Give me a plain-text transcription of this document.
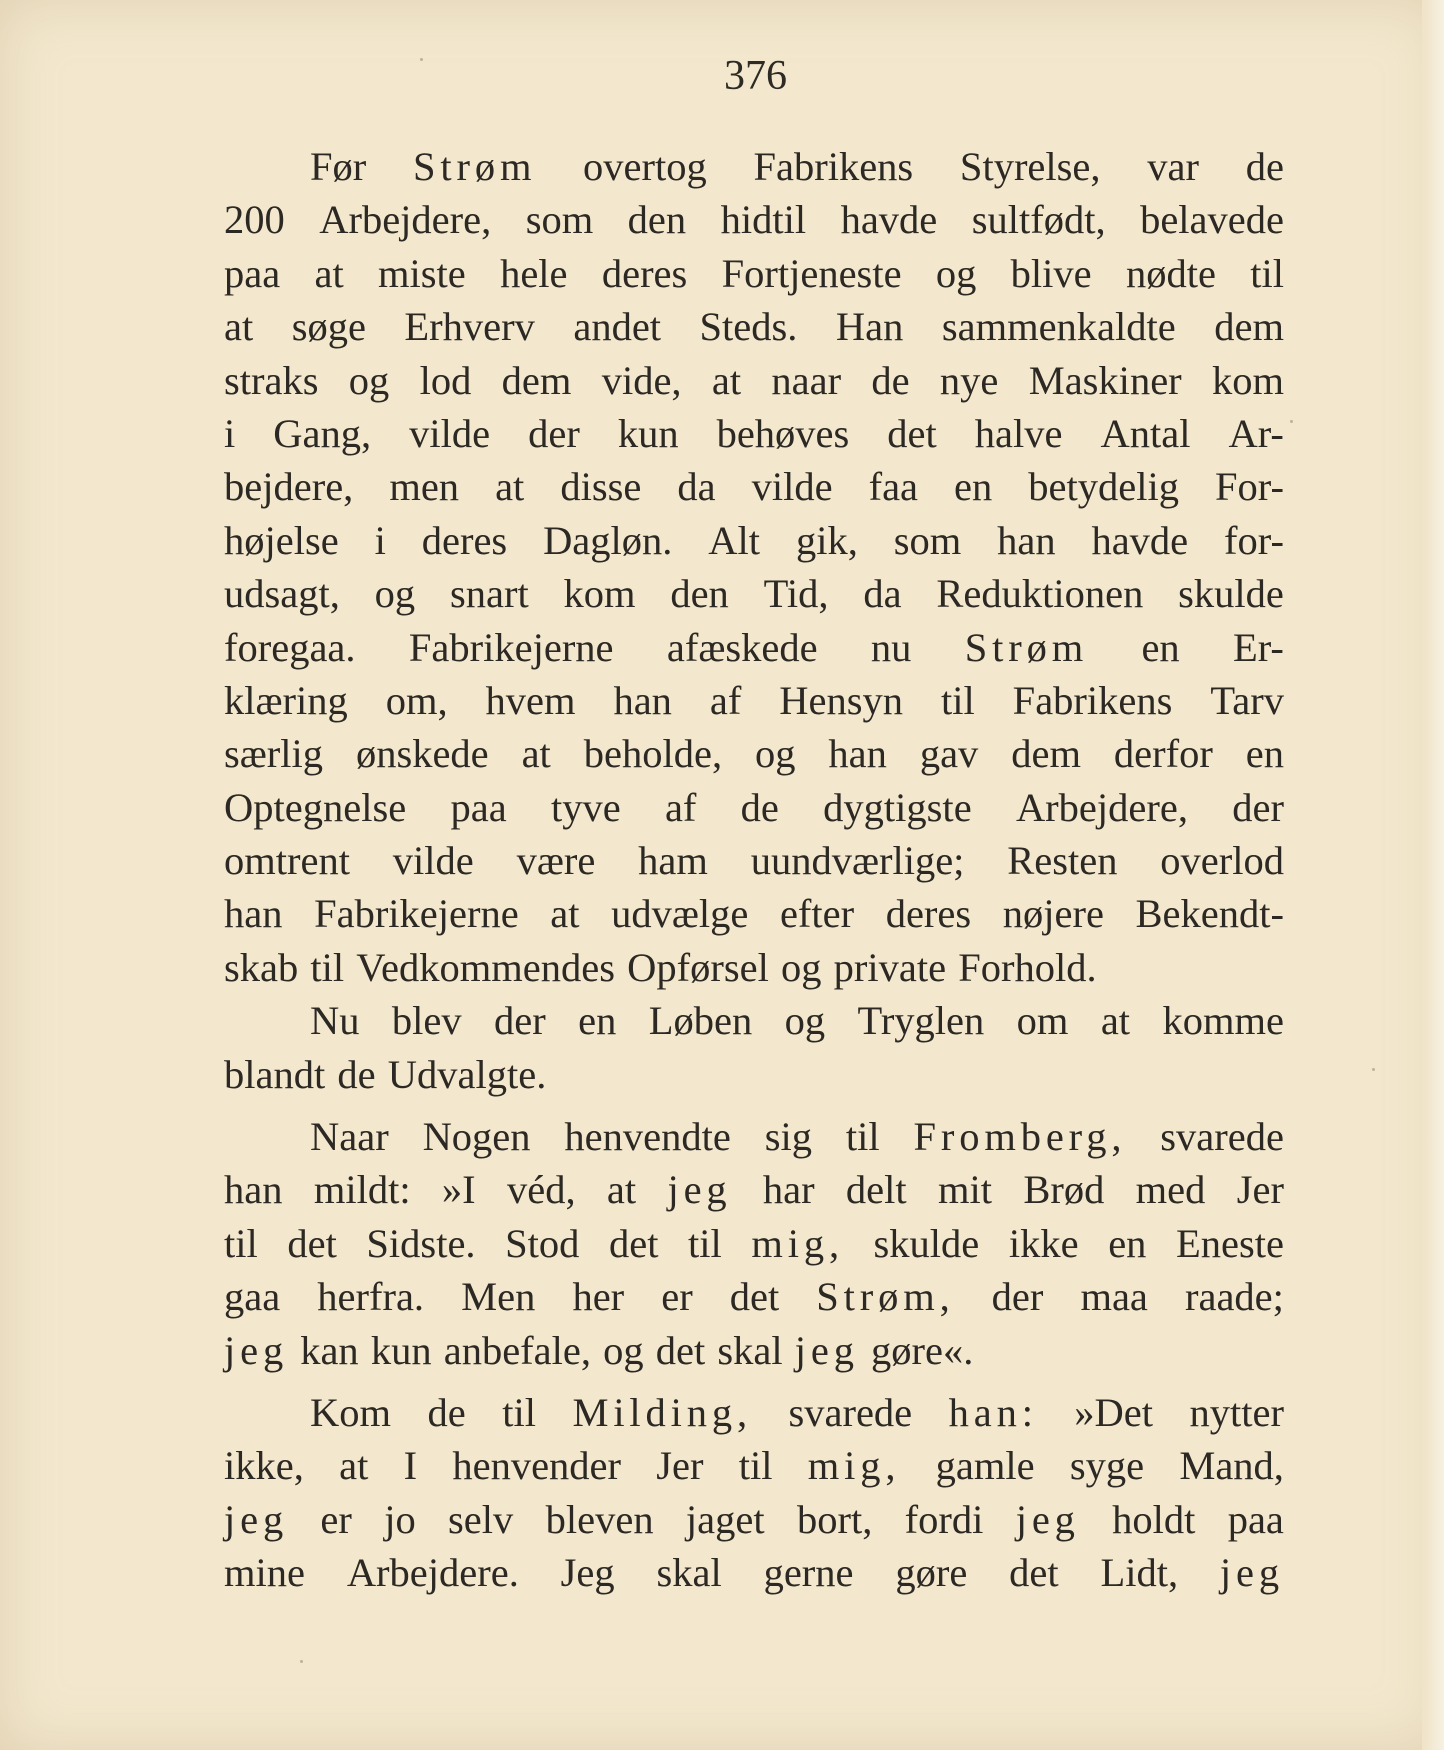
376
Før Strøm overtog Fabrikens Styrelse, var de
200 Arbejdere, som den hidtil havde sultfødt, belavede
paa at miste hele deres Fortjeneste og blive nødte til
at søge Erhverv andet Steds. Han sammenkaldte dem
straks og lod dem vide, at naar de nye Maskiner kom
i Gang, vilde der kun behøves det halve Antal Ar-
bejdere, men at disse da vilde faa en betydelig For-
højelse i deres Dagløn. Alt gik, som han havde for-
udsagt, og snart kom den Tid, da Reduktionen skulde
foregaa. Fabrikejerne afæskede nu Strøm en Er-
klæring om, hvem han af Hensyn til Fabrikens Tarv
særlig ønskede at beholde, og han gav dem derfor en
Optegnelse paa tyve af de dygtigste Arbejdere, der
omtrent vilde være ham uundværlige; Resten overlod
han Fabrikejerne at udvælge efter deres nøjere Bekendt-
skab til Vedkommendes Opførsel og private Forhold.
Nu blev der en Løben og Tryglen om at komme
blandt de Udvalgte.
Naar Nogen henvendte sig til Fromberg, svarede
han mildt: »I véd, at jeg har delt mit Brød med Jer
til det Sidste. Stod det til mig, skulde ikke en Eneste
gaa herfra. Men her er det Strøm, der maa raade;
jeg kan kun anbefale, og det skal jeg gøre«.
Kom de til Milding, svarede han: »Det nytter
ikke, at I henvender Jer til mig, gamle syge Mand,
jeg er jo selv bleven jaget bort, fordi jeg holdt paa
mine Arbejdere. Jeg skal gerne gøre det Lidt, jeg
